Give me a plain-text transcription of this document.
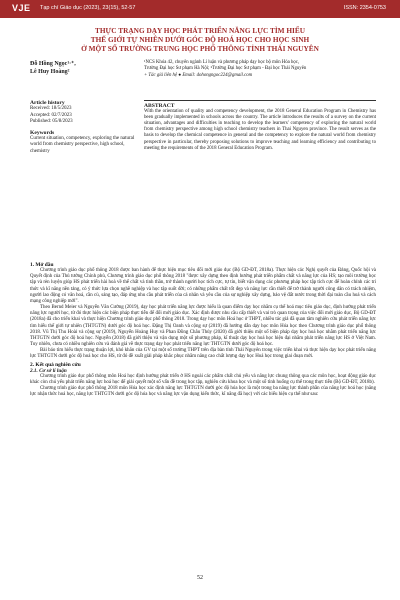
VJE Tạp chí Giáo dục (2023), 23(15), 52-57	ISSN: 2354-0753
THỰC TRẠNG DẠY HỌC PHÁT TRIỂN NĂNG LỰC TÌM HIỂU
THẾ GIỚI TỰ NHIÊN DƯỚI GÓC ĐỘ HOÁ HỌC CHO HỌC SINH
Ở MỘT SỐ TRƯỜNG TRUNG HỌC PHỔ THÔNG TỈNH THÁI NGUYÊN
Đỗ Hồng Ngọc¹·⁺,
Lê Huy Hoàng²
¹NCS Khóa 42, chuyên ngành Lí luận và phương pháp dạy học bộ môn Hóa học,
Trường Đại học Sư phạm Hà Nội; ²Trường Đại học Sư phạm - Đại học Thái Nguyên
+ Tác giả liên hệ ● Email: dohongngoc224@gmail.com
Article history
Received: 18/5/2023
Accepted: 02/7/2023
Published: 05/8/2023
Keywords
Current situation, competency, exploring the natural world from chemistry perspective, high school, chemistry
ABSTRACT
With the orientation of quality and competency development, the 2018 General Education Program in Chemistry has been gradually implemented in schools across the country. The article introduces the results of a survey on the current situation, advantages and difficulties in teaching to develop the learners' competency of exploring the natural world from chemistry perspective among high school chemistry teachers in Thai Nguyen province. The result serves as the basis to develop the chemical competence in general and the competency to explore the natural world from chemistry perspective in particular, thereby proposing solutions to improve teaching and learning efficiency and contributing to meeting the requirements of the 2018 General Education Program.
1. Mở đầu

Chương trình giáo dục phổ thông 2018 được ban hành để thực hiện mục tiêu đổi mới giáo dục (Bộ GD-ĐT, 2018a). Thực hiện các Nghị quyết của Đảng, Quốc hội và Quyết định của Thủ tướng Chính phủ, Chương trình giáo dục phổ thông 2018 "được xây dựng theo định hướng phát triển phẩm chất và năng lực của HS; tạo môi trường học tập và rèn luyện giúp HS phát triển hài hoà về thể chất và tinh thần, trở thành người học tích cực, tự tin, biết vận dụng các phương pháp học tập tích cực để hoàn chỉnh các tri thức và kĩ năng nền tảng, có ý thức lựa chọn nghề nghiệp và học tập suốt đời; có những phẩm chất tốt đẹp và năng lực cần thiết để trở thành người công dân có trách nhiệm, người lao động có văn hoá, cần cù, sáng tạo, đáp ứng nhu cầu phát triển của cá nhân và yêu cầu của sự nghiệp xây dựng, bảo vệ đất nước trong thời đại toàn cầu hoá và cách mạng công nghiệp mới".

Theo Bernd Meier và Nguyễn Văn Cường (2019), dạy học phát triển năng lực được hiểu là quan điểm dạy học nhằm cụ thể hoá mục tiêu giáo dục, định hướng phát triển năng lực người học, từ đó thực hiện các biện pháp thực tiễn để đổi mới giáo dục. Xác định được nhu cầu cấp thiết và vai trò quan trọng của việc đổi mới giáo dục, Bộ GD-ĐT (2018a) đã cho triển khai và thực hiện Chương trình giáo dục phổ thông 2018. Trong dạy học môn Hoá học ở THPT, nhiều tác giả đã quan tâm nghiên cứu phát triển năng lực tìm hiểu thế giới tự nhiên (THTGTN) dưới góc độ hoá học. Đặng Thị Oanh và cộng sự (2019) đã hướng dẫn dạy học môn Hóa học theo Chương trình giáo dục phổ thông 2018. Vũ Thị Thu Hoài và cộng sự (2019), Nguyễn Hoàng Huy và Phan Đồng Châu Thủy (2020) đã giới thiệu một số biện pháp dạy học hoá học nhằm phát triển năng lực THTGTN dưới góc độ hoá học. Nguyễn (2018) đã giới thiệu và vận dụng một số phương pháp, kĩ thuật dạy học hoá học hiện đại nhằm phát triển năng lực HS ở Việt Nam. Tuy nhiên, chưa có nhiều nghiên cứu và đánh giá về thực trạng dạy học phát triển năng lực THTGTN dưới góc độ hoá học.

Bài báo tìm hiểu thực trạng thuận lợi, khó khăn của GV tại một số trường THPT trên địa bàn tỉnh Thái Nguyên trong việc triển khai và thực hiện dạy học phát triển năng lực THTGTN dưới góc độ hoá học cho HS, từ đó đề xuất giải pháp khắc phục nhằm nâng cao chất lượng dạy học Hoá học trong giai đoạn mới.

2. Kết quả nghiên cứu
2.1. Cơ sở lí luận

Chương trình giáo dục phổ thông môn Hoá học định hướng phát triển ở HS ngoài các phẩm chất chủ yếu và năng lực chung thông qua các môn học, hoạt động giáo dục khác còn chú yếu phát triển năng lực hoá học để giải quyết một số vấn đề trong học tập, nghiên cứu khoa học và một số tình huống cụ thể trong thực tiễn (Bộ GD-ĐT, 2018b).

Chương trình giáo dục phổ thông 2018 môn Hóa học xác định năng lực THTGTN dưới góc độ hóa học là một trong ba năng lực thành phần của năng lực hoá học (năng lực nhận thức hoá học, năng lực THTGTN dưới góc độ hóa học và năng lực vận dụng kiến thức, kĩ năng đã học) với các biểu hiện cụ thể như sau:

52
